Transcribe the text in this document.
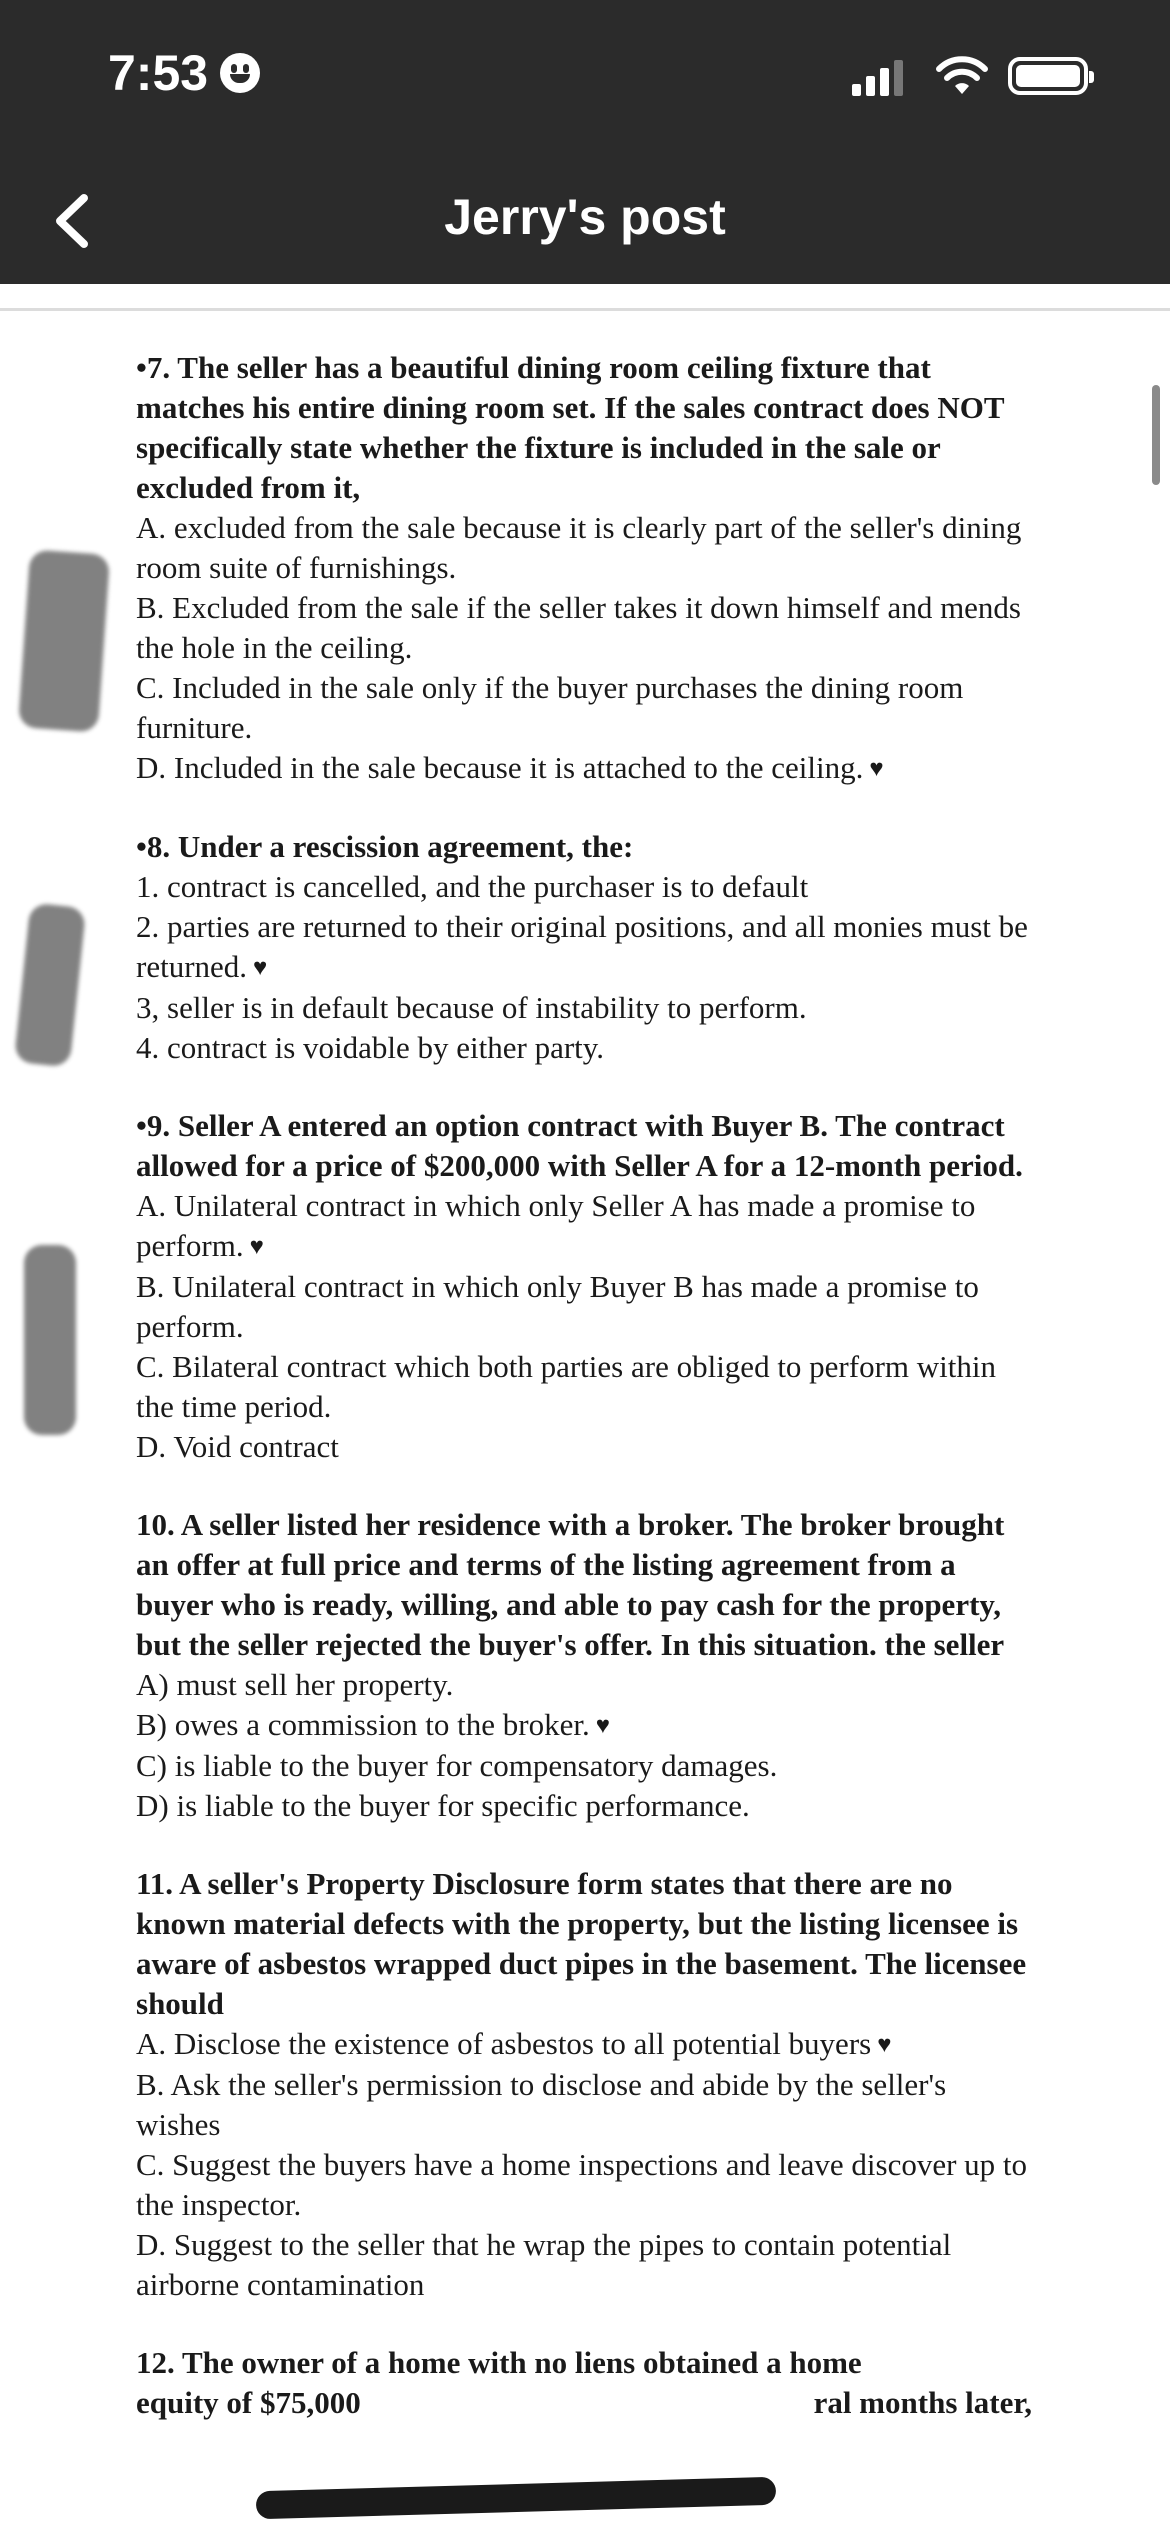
7:53
Jerry's post
•7. The seller has a beautiful dining room ceiling fixture that matches his entire dining room set. If the sales contract does NOT specifically state whether the fixture is included in the sale or excluded from it,
A. excluded from the sale because it is clearly part of the seller's dining room suite of furnishings.
B. Excluded from the sale if the seller takes it down himself and mends the hole in the ceiling.
C. Included in the sale only if the buyer purchases the dining room furniture.
D. Included in the sale because it is attached to the ceiling. ♥
•8. Under a rescission agreement, the:
1. contract is cancelled, and the purchaser is to default
2. parties are returned to their original positions, and all monies must be returned. ♥
3, seller is in default because of instability to perform.
4. contract is voidable by either party.
•9. Seller A entered an option contract with Buyer B. The contract allowed for a price of $200,000 with Seller A for a 12-month period.
A. Unilateral contract in which only Seller A has made a promise to perform. ♥
B. Unilateral contract in which only Buyer B has made a promise to perform.
C. Bilateral contract which both parties are obliged to perform within the time period.
D. Void contract
10. A seller listed her residence with a broker. The broker brought an offer at full price and terms of the listing agreement from a buyer who is ready, willing, and able to pay cash for the property, but the seller rejected the buyer's offer. In this situation. the seller
A) must sell her property.
B) owes a commission to the broker. ♥
C) is liable to the buyer for compensatory damages.
D) is liable to the buyer for specific performance.
11. A seller's Property Disclosure form states that there are no known material defects with the property, but the listing licensee is aware of asbestos wrapped duct pipes in the basement. The licensee should
A. Disclose the existence of asbestos to all potential buyers ♥
B. Ask the seller's permission to disclose and abide by the seller's wishes
C. Suggest the buyers have a home inspections and leave discover up to the inspector.
D. Suggest to the seller that he wrap the pipes to contain potential airborne contamination
12. The owner of a home with no liens obtained a home
equity of $75,000	ral months later,
